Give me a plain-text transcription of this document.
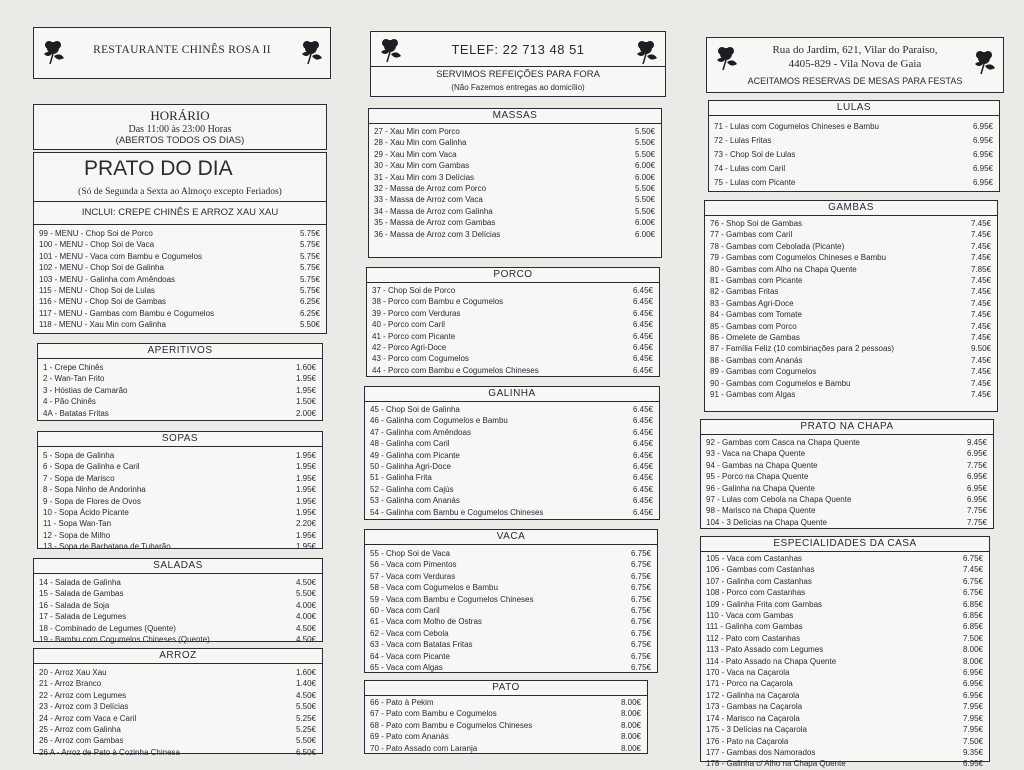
RESTAURANTE CHINÊS ROSA II
HORÁRIO
Das 11:00 às 23:00 Horas
(ABERTOS TODOS OS DIAS)
PRATO DO DIA
(Só de Segunda a Sexta ao Almoço excepto Feriados)
INCLUI: CREPE CHINÊS E ARROZ XAU XAU
99 - MENU - Chop Soi de Porco	5.75€
100 - MENU - Chop Soi de Vaca	5.75€
101 - MENU - Vaca com Bambu e Cogumelos	5.75€
102 - MENU - Chop Soi de Galinha	5.75€
103 - MENU - Galinha com Amêndoas	5.75€
115 - MENU - Chop Soi de Lulas	5.75€
116 - MENU - Chop Soi de Gambas	6.25€
117 - MENU - Gambas com Bambu e Cogumelos	6.25€
118 - MENU - Xau Min com Galinha	5.50€
APERITIVOS
1 - Crepe Chinês	1.60€
2 - Wan-Tan Frito	1.95€
3 - Hóstias de Camarão	1.95€
4 - Pão Chinês	1.50€
4A - Batatas Fritas	2.00€
SOPAS
5 - Sopa de Galinha	1.95€
6 - Sopa de Galinha e Caril	1.95€
7 - Sopa de Marisco	1.95€
8 - Sopa Ninho de Andorinha	1.95€
9 - Sopa de Flores de Ovos	1.95€
10 - Sopa Ácido Picante	1.95€
11 - Sopa Wan-Tan	2.20€
12 - Sopa de Milho	1.95€
13 - Sopa de Barbatana de Tubarão	1.95€
SALADAS
14 - Salada de Galinha	4.50€
15 - Salada de Gambas	5.50€
16 - Salada de Soja	4.00€
17 - Salada de Legumes	4.00€
18 - Combinado de Legumes (Quente)	4.50€
19 - Bambu com Cogumelos Chineses (Quente)	4.50€
ARROZ
20 - Arroz Xau Xau	1.60€
21 - Arroz Branco	1.40€
22 - Arroz com Legumes	4.50€
23 - Arroz com 3 Delícias	5.50€
24 - Arroz com Vaca e Caril	5.25€
25 - Arroz com Galinha	5.25€
26 - Arroz com Gambas	5.50€
26 A - Arroz de Pato à Cozinha Chinesa	6.50€
TELEF: 22 713 48 51
SERVIMOS REFEIÇÕES PARA FORA
(Não Fazemos entregas ao domicílio)
MASSAS
27 - Xau Min com Porco	5.50€
28 - Xau Min com Galinha	5.50€
29 - Xau Min com Vaca	5.50€
30 - Xau Min com Gambas	6.00€
31 - Xau Min com 3 Delícias	6.00€
32 - Massa de Arroz com Porco	5.50€
33 - Massa de Arroz com Vaca	5.50€
34 - Massa de Arroz com Galinha	5.50€
35 - Massa de Arroz com Gambas	6.00€
36 - Massa de Arroz com 3 Delícias	6.00€
PORCO
37 - Chop Soi de Porco	6.45€
38 - Porco com Bambu e Cogumelos	6.45€
39 - Porco com Verduras	6.45€
40 - Porco com Caril	6.45€
41 - Porco com Picante	6.45€
42 - Porco Agri-Doce	6.45€
43 - Porco com Cogumelos	6.45€
44 - Porco com Bambu e Cogumelos Chineses	6.45€
GALINHA
45 - Chop Soi de Galinha	6.45€
46 - Galinha com Cogumelos e Bambu	6.45€
47 - Galinha com Amêndoas	6.45€
48 - Galinha com Caril	6.45€
49 - Galinha com Picante	6.45€
50 - Galinha Agri-Doce	6.45€
51 - Galinha Frita	6.45€
52 - Galinha com Cajús	6.45€
53 - Galinha com Ananás	6.45€
54 - Galinha com Bambu e Cogumelos Chineses	6.45€
VACA
55 - Chop Soi de Vaca	6.75€
56 - Vaca com Pimentos	6.75€
57 - Vaca com Verduras	6.75€
58 - Vaca com Cogumelos e Bambu	6.75€
59 - Vaca com Bambu e Cogumelos Chineses	6.75€
60 - Vaca com Caril	6.75€
61 - Vaca com Molho de Ostras	6.75€
62 - Vaca com Cebola	6.75€
63 - Vaca com Batatas Fritas	6.75€
64 - Vaca com Picante	6.75€
65 - Vaca com Algas	6.75€
PATO
66 - Pato à Pekim	8.00€
67 - Pato com Bambu e Cogumelos	8.00€
68 - Pato com Bambu e Cogumelos Chineses	8.00€
69 - Pato com Ananás	8.00€
70 - Pato Assado com Laranja	8.00€
Rua do Jardim, 621, Vilar do Paraiso,
4405-829 - Vila Nova de Gaia
ACEITAMOS RESERVAS DE MESAS PARA FESTAS
LULAS
71 - Lulas com Cogumelos Chineses e Bambu	6.95€
72 - Lulas Fritas	6.95€
73 - Chop Soi de Lulas	6.95€
74 - Lulas com Caril	6.95€
75 - Lulas com Picante	6.95€
GAMBAS
76 - Shop Soi de Gambas	7.45€
77 - Gambas com Caril	7.45€
78 - Gambas com Cebolada (Picante)	7.45€
79 - Gambas com Cogumelos Chineses e Bambu	7.45€
80 - Gambas com Alho na Chapa Quente	7.85€
81 - Gambas com Picante	7.45€
82 - Gambas Fritas	7.45€
83 - Gambas Agri-Doce	7.45€
84 - Gambas com Tomate	7.45€
85 - Gambas com Porco	7.45€
86 - Omelete de Gambas	7.45€
87 - Família Feliz (10 combinações para 2 pessoas)	9.50€
88 - Gambas com Ananás	7.45€
89 - Gambas com Cogumelos	7.45€
90 - Gambas com Cogumelos e Bambu	7.45€
91 - Gambas com Algas	7.45€
PRATO NA CHAPA
92 - Gambas com Casca na Chapa Quente	9.45€
93 - Vaca na Chapa Quente	6.95€
94 - Gambas na Chapa Quente	7.75€
95 - Porco na Chapa Quente	6.95€
96 - Galinha na Chapa Quente	6.95€
97 - Lulas com Cebola na Chapa Quente	6.95€
98 - Marisco na Chapa Quente	7.75€
104 - 3 Delícias na Chapa Quente	7.75€
ESPECIALIDADES DA CASA
105 - Vaca com Castanhas	6.75€
106 - Gambas com Castanhas	7.45€
107 - Galinha com Castanhas	6.75€
108 - Porco com Castanhas	6.75€
109 - Galinha Frita com Gambas	6.85€
110 - Vaca com Gambas	6.85€
111 - Galinha com Gambas	6.85€
112 - Pato com Castanhas	7.50€
113 - Pato Assado com Legumes	8.00€
114 - Pato Assado na Chapa Quente	8.00€
170 - Vaca na Caçarola	6.95€
171 - Porco na Caçarola	6.95€
172 - Galinha na Caçarola	6.95€
173 - Gambas na Caçarola	7.95€
174 - Marisco na Caçarola	7.95€
175 - 3 Delícias na Caçarola	7.95€
176 - Pato na Caçarola	7.50€
177 - Gambas dos Namorados	9.35€
178 - Galinha c/ Alho na Chapa Quente	6.95€
